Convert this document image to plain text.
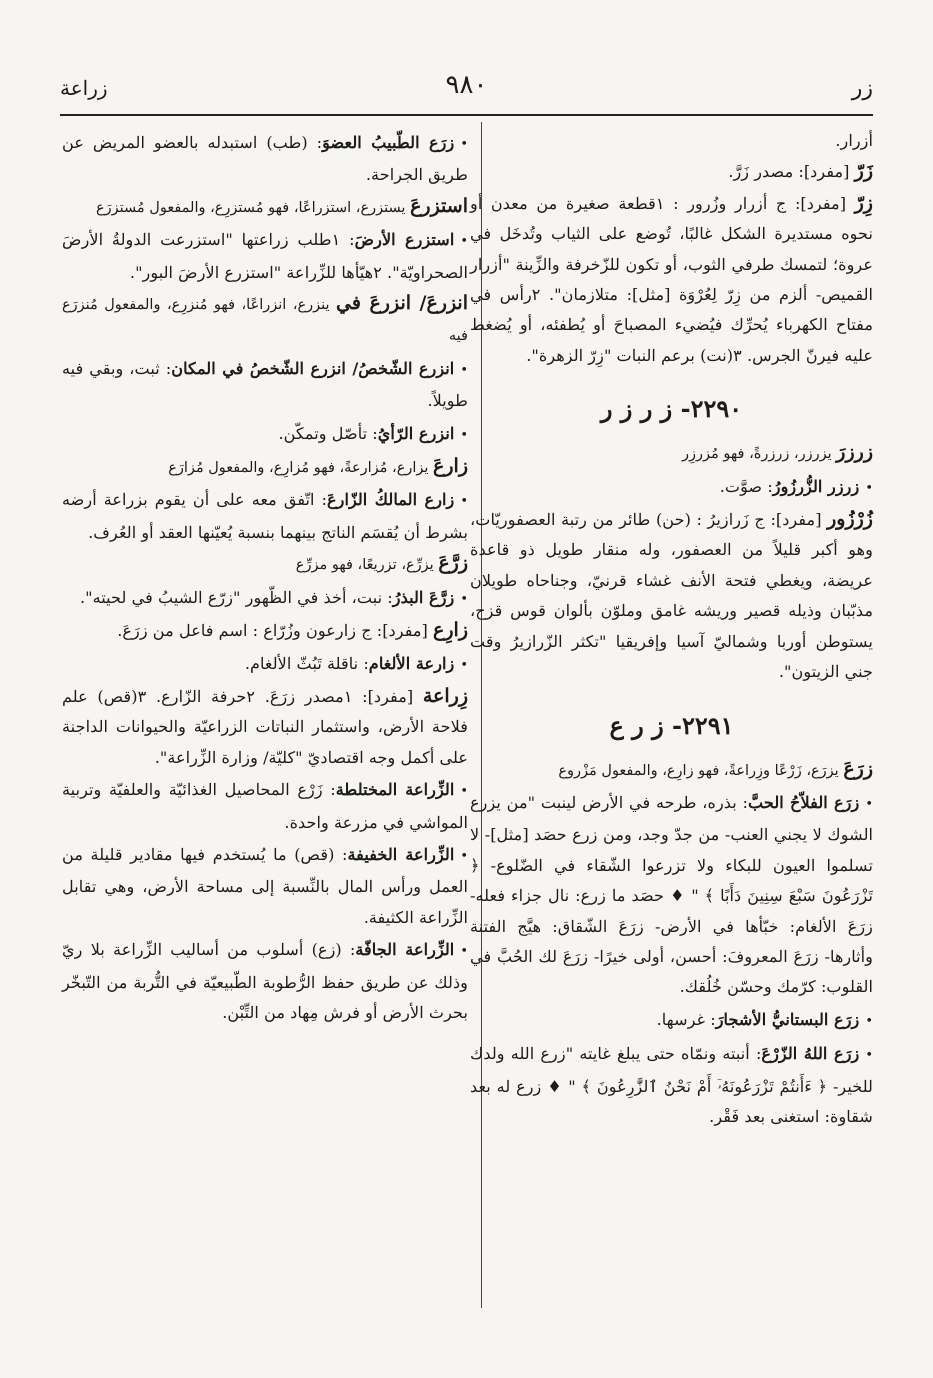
زر
٩٨٠
زراعة

أزرار.

زَرّ [مفرد]: مصدر زَرَّ.

زِرّ [مفرد]: ج أزرار وزُرور : ١قطعة صغيرة من معدن أو نحوه مستديرة الشكل غالبًا، تُوضع على الثياب وتُدخَل في عروة؛ لتمسك طرفي الثوب، أو تكون للزّخرفة والزِّينة "أزرار القميص- ألزم من زِرّ لِعُرْوَة [مثل]: متلازمان". ٢رأس في مفتاح الكهرباء يُحرِّك فيُضيء المصباحَ أو يُطفئه، أو يُضغط عليه فيرنّ الجرس. ٣(نت) برعم النبات "زِرّ الزهرة".

٢٢٩٠- ز ر ز ر

زرزرَ يزرزر، زرزرةً، فهو مُزرزِر

•زرزر الزُّرزُورُ: صوَّت.

زُرْزُور [مفرد]: ج زَرازيرُ : (حن) طائر من رتبة العصفوريّات، وهو أكبر قليلاً من العصفور، وله منقار طويل ذو قاعدة عريضة، ويغطي فتحة الأنف غشاء قرنيّ، وجناحاه طويلان مذبّبان وذيله قصير وريشه غامق وملوّن بألوان قوس قزح، يستوطن أوربا وشماليّ آسيا وإفريقيا "تكثر الزّرازيرُ وقت جني الزيتون".

٢٢٩١- ز ر ع

زرَعَ يزرَع، زَرْعًا وزِراعةً، فهو زارِع، والمفعول مَزْروع

•زرَع الفلاّحُ الحبَّ: بذره، طرحه في الأرض لينبت "من يزرع الشوك لا يجني العنب- من جدّ وجد، ومن زرع حصَد [مثل]- لا تسلموا العيون للبكاء ولا تزرعوا الشّقاء في الضّلوع- ﴿ تَزْرَعُونَ سَبْعَ سِنِينَ دَأَبًا ﴾ " ♦ حصَد ما زرع: نال جزاء فعله- زرَعَ الألغام: خبّأها في الأرض- زرَعَ الشّقاق: هيَّج الفتنة وأثارها- زرَعَ المعروفَ: أحسن، أولى خيرًا- زرَعَ لك الحُبَّ في القلوب: كرّمك وحسّن خُلُقك.

•زرَع البستانيُّ الأشجارَ: غرسها.

•زرَع اللهُ الزّرْعَ: أنبته ونمّاه حتى يبلغ غايته "زرع الله ولدك للخير- ﴿ ءَأَنتُمْ تَزْرَعُونَهُۥٓ أَمْ نَحْنُ ٱلزَّٰرِعُونَ ﴾ " ♦ زرع له بعد شقاوة: استغنى بعد فَقْر.

•زرَع الطّبيبُ العضوَ: (طب) استبدله بالعضو المريض عن طريق الجراحة.

استزرعَ يستزرع، استزراعًا، فهو مُستزرِع، والمفعول مُستزرَع

•استزرع الأرضَ: ١طلب زراعتها "استزرعت الدولةُ الأرضَ الصحراويّة". ٢هيّأها للزِّراعة "استزرع الأرضَ البور".

انزرعَ/ انزرعَ في ينزرع، انزراعًا، فهو مُنزرِع، والمفعول مُنزرَع فيه

•انزرع الشّخصُ/ انزرع الشّخصُ في المكان: ثبت، وبقي فيه طويلاً.

•انزرع الرّأيُ: تأصّل وتمكّن.

زارعَ يزارع، مُزارعةً، فهو مُزارِع، والمفعول مُزارَع

•زارع المالكُ الزّارعَ: اتّفق معه على أن يقوم بزراعة أرضه بشرط أن يُقسَم الناتج بينهما بنسبة يُعيّنها العقد أو العُرف.

زرَّعَ يزرِّع، تزريعًا، فهو مزرِّع

•زرَّعَ البذرُ: نبت، أخذ في الظّهور "زرّع الشيبُ في لحيته".

زارِع [مفرد]: ج زارعون وزُرّاع : اسم فاعل من زرَعَ.

•زارعة الألغام: ناقلة تَبُثّ الألغام.

زِراعة [مفرد]: ١مصدر زرَعَ. ٢حرفة الزّارع. ٣(قص) علم فلاحة الأرض، واستثمار النباتات الزراعيّة والحيوانات الداجنة على أكمل وجه اقتصاديّ "كليّة/ وزارة الزِّراعة".

•الزِّراعة المختلطة: زَرْع المحاصيل الغذائيّة والعلفيّة وتربية المواشي في مزرعة واحدة.

•الزِّراعة الخفيفة: (قص) ما يُستخدم فيها مقادير قليلة من العمل ورأس المال بالنِّسبة إلى مساحة الأرض، وهي تقابل الزِّراعة الكثيفة.

•الزِّراعة الجافّة: (زع) أسلوب من أساليب الزِّراعة بلا ريّ وذلك عن طريق حفظ الرُّطوبة الطّبيعيّة في التُّربة من التّبخّر بحرث الأرض أو فرش مِهاد من التِّبْن.
